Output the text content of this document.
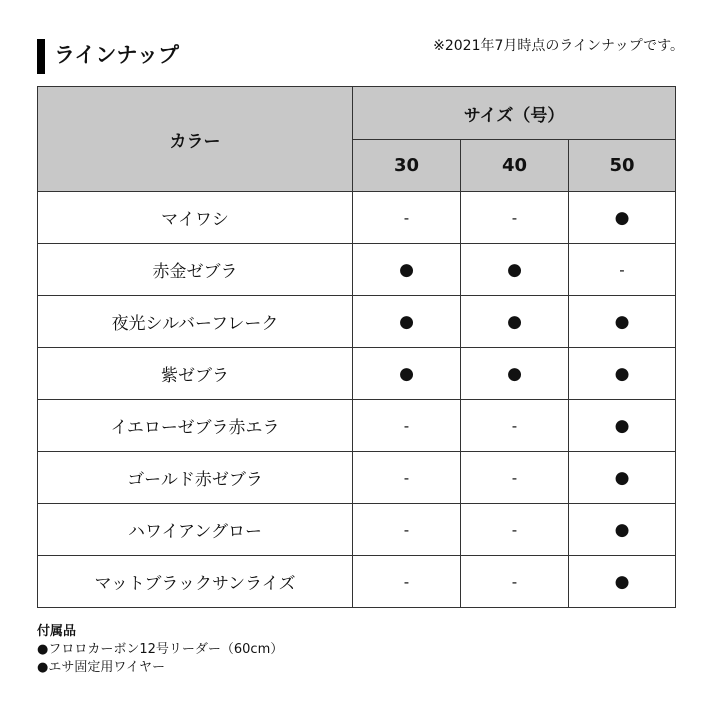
ラインナップ	※2021年7月時点のラインナップです。
カラー	サイズ（号）		
	30	40	50
マイワシ	-	-	●
赤金ゼブラ	●	●	-
夜光シルバーフレーク	●	●	●
紫ゼブラ	●	●	●
イエローゼブラ赤エラ	-	-	●
ゴールド赤ゼブラ	-	-	●
ハワイアングロー	-	-	●
マットブラックサンライズ	-	-	●
付属品
●フロロカーボン12号リーダー（60cm）
●エサ固定用ワイヤー
